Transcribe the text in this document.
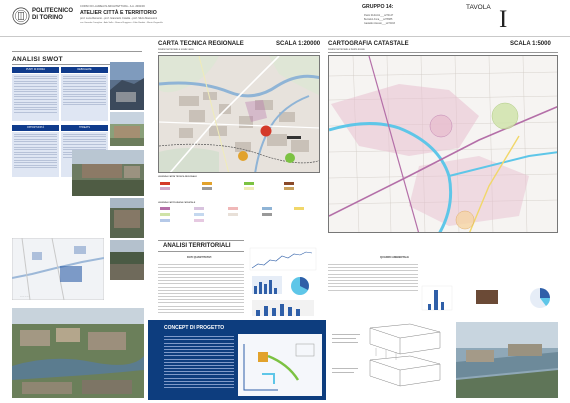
POLITECNICO DI TORINO
CORSO DI LAUREA IN ARCHITETTURA - A.A. 2002/03
ATELIER CITTÀ E TERRITORIO
prof. Luca Reinerio - prof. Giancarlo Cotella - prof. Silvio Mansutoni
con Gerardo Coraglian - Ada Sella - Bianca Ruggiero - Erlin Bardini - Maria Zingarello
GRUPPO 14:
Paolo Rubintini___s274147
Bernabò Anna___s276585
Gastaldo Alessio___s274193
TAVOLA I
ANALISI SWOT
PUNTI DI FORZA	DEBOLEZZE
OPPORTUNITÀ	THREATS
— — — —
CARTA TECNICA REGIONALE	SCALA 1:20000
Analisi territoriale a scala vasta
LEGENDA CARTA TECNICA REGIONALE
LEGENDA CARTOGRAFIA CATASTALE
CARTOGRAFIA CATASTALE	SCALA 1:5000
Analisi territoriale a livello locale
ANALISI TERRITORIALI
DATI QUANTITATIVI	QUADRO AMBIENTALE
CONCEPT DI PROGETTO
